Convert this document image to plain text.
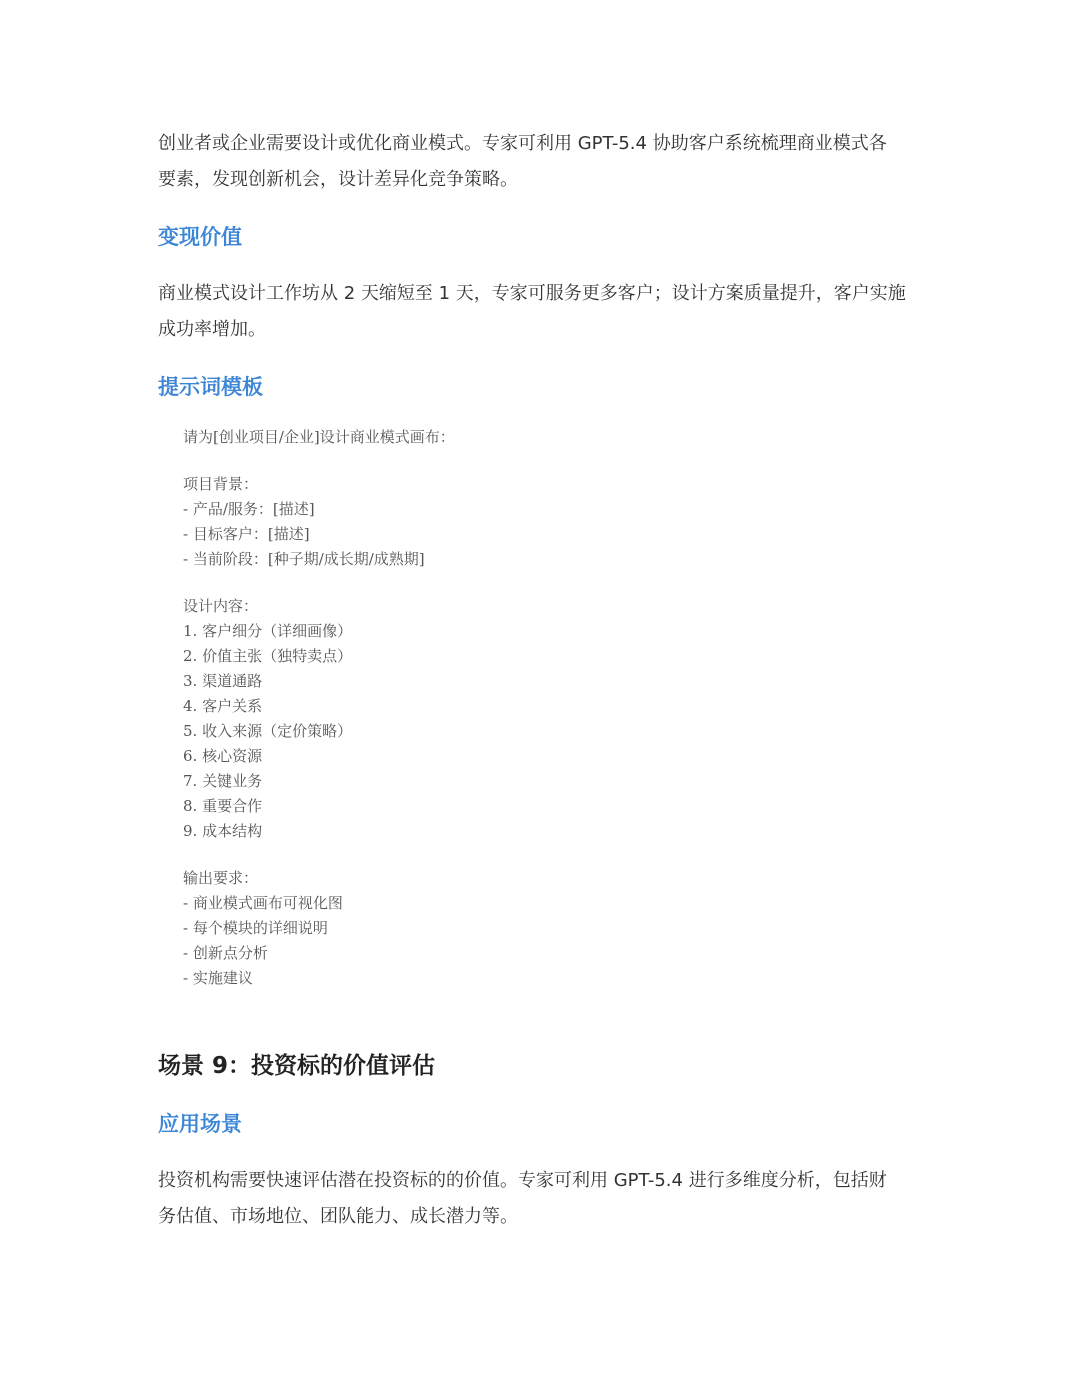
创业者或企业需要设计或优化商业模式。专家可利用 GPT-5.4 协助客户系统梳理商业模式各
要素，发现创新机会，设计差异化竞争策略。

变现价值

商业模式设计工作坊从 2 天缩短至 1 天，专家可服务更多客户；设计方案质量提升，客户实施
成功率增加。

提示词模板
请为[创业项目/企业]设计商业模式画布：
项目背景：
- 产品/服务：[描述]
- 目标客户：[描述]
- 当前阶段：[种子期/成长期/成熟期]
设计内容：
1. 客户细分（详细画像）
2. 价值主张（独特卖点）
3. 渠道通路
4. 客户关系
5. 收入来源（定价策略）
6. 核心资源
7. 关键业务
8. 重要合作
9. 成本结构
输出要求：
- 商业模式画布可视化图
- 每个模块的详细说明
- 创新点分析
- 实施建议
场景 9：投资标的价值评估
应用场景

投资机构需要快速评估潜在投资标的的价值。专家可利用 GPT-5.4 进行多维度分析，包括财
务估值、市场地位、团队能力、成长潜力等。
